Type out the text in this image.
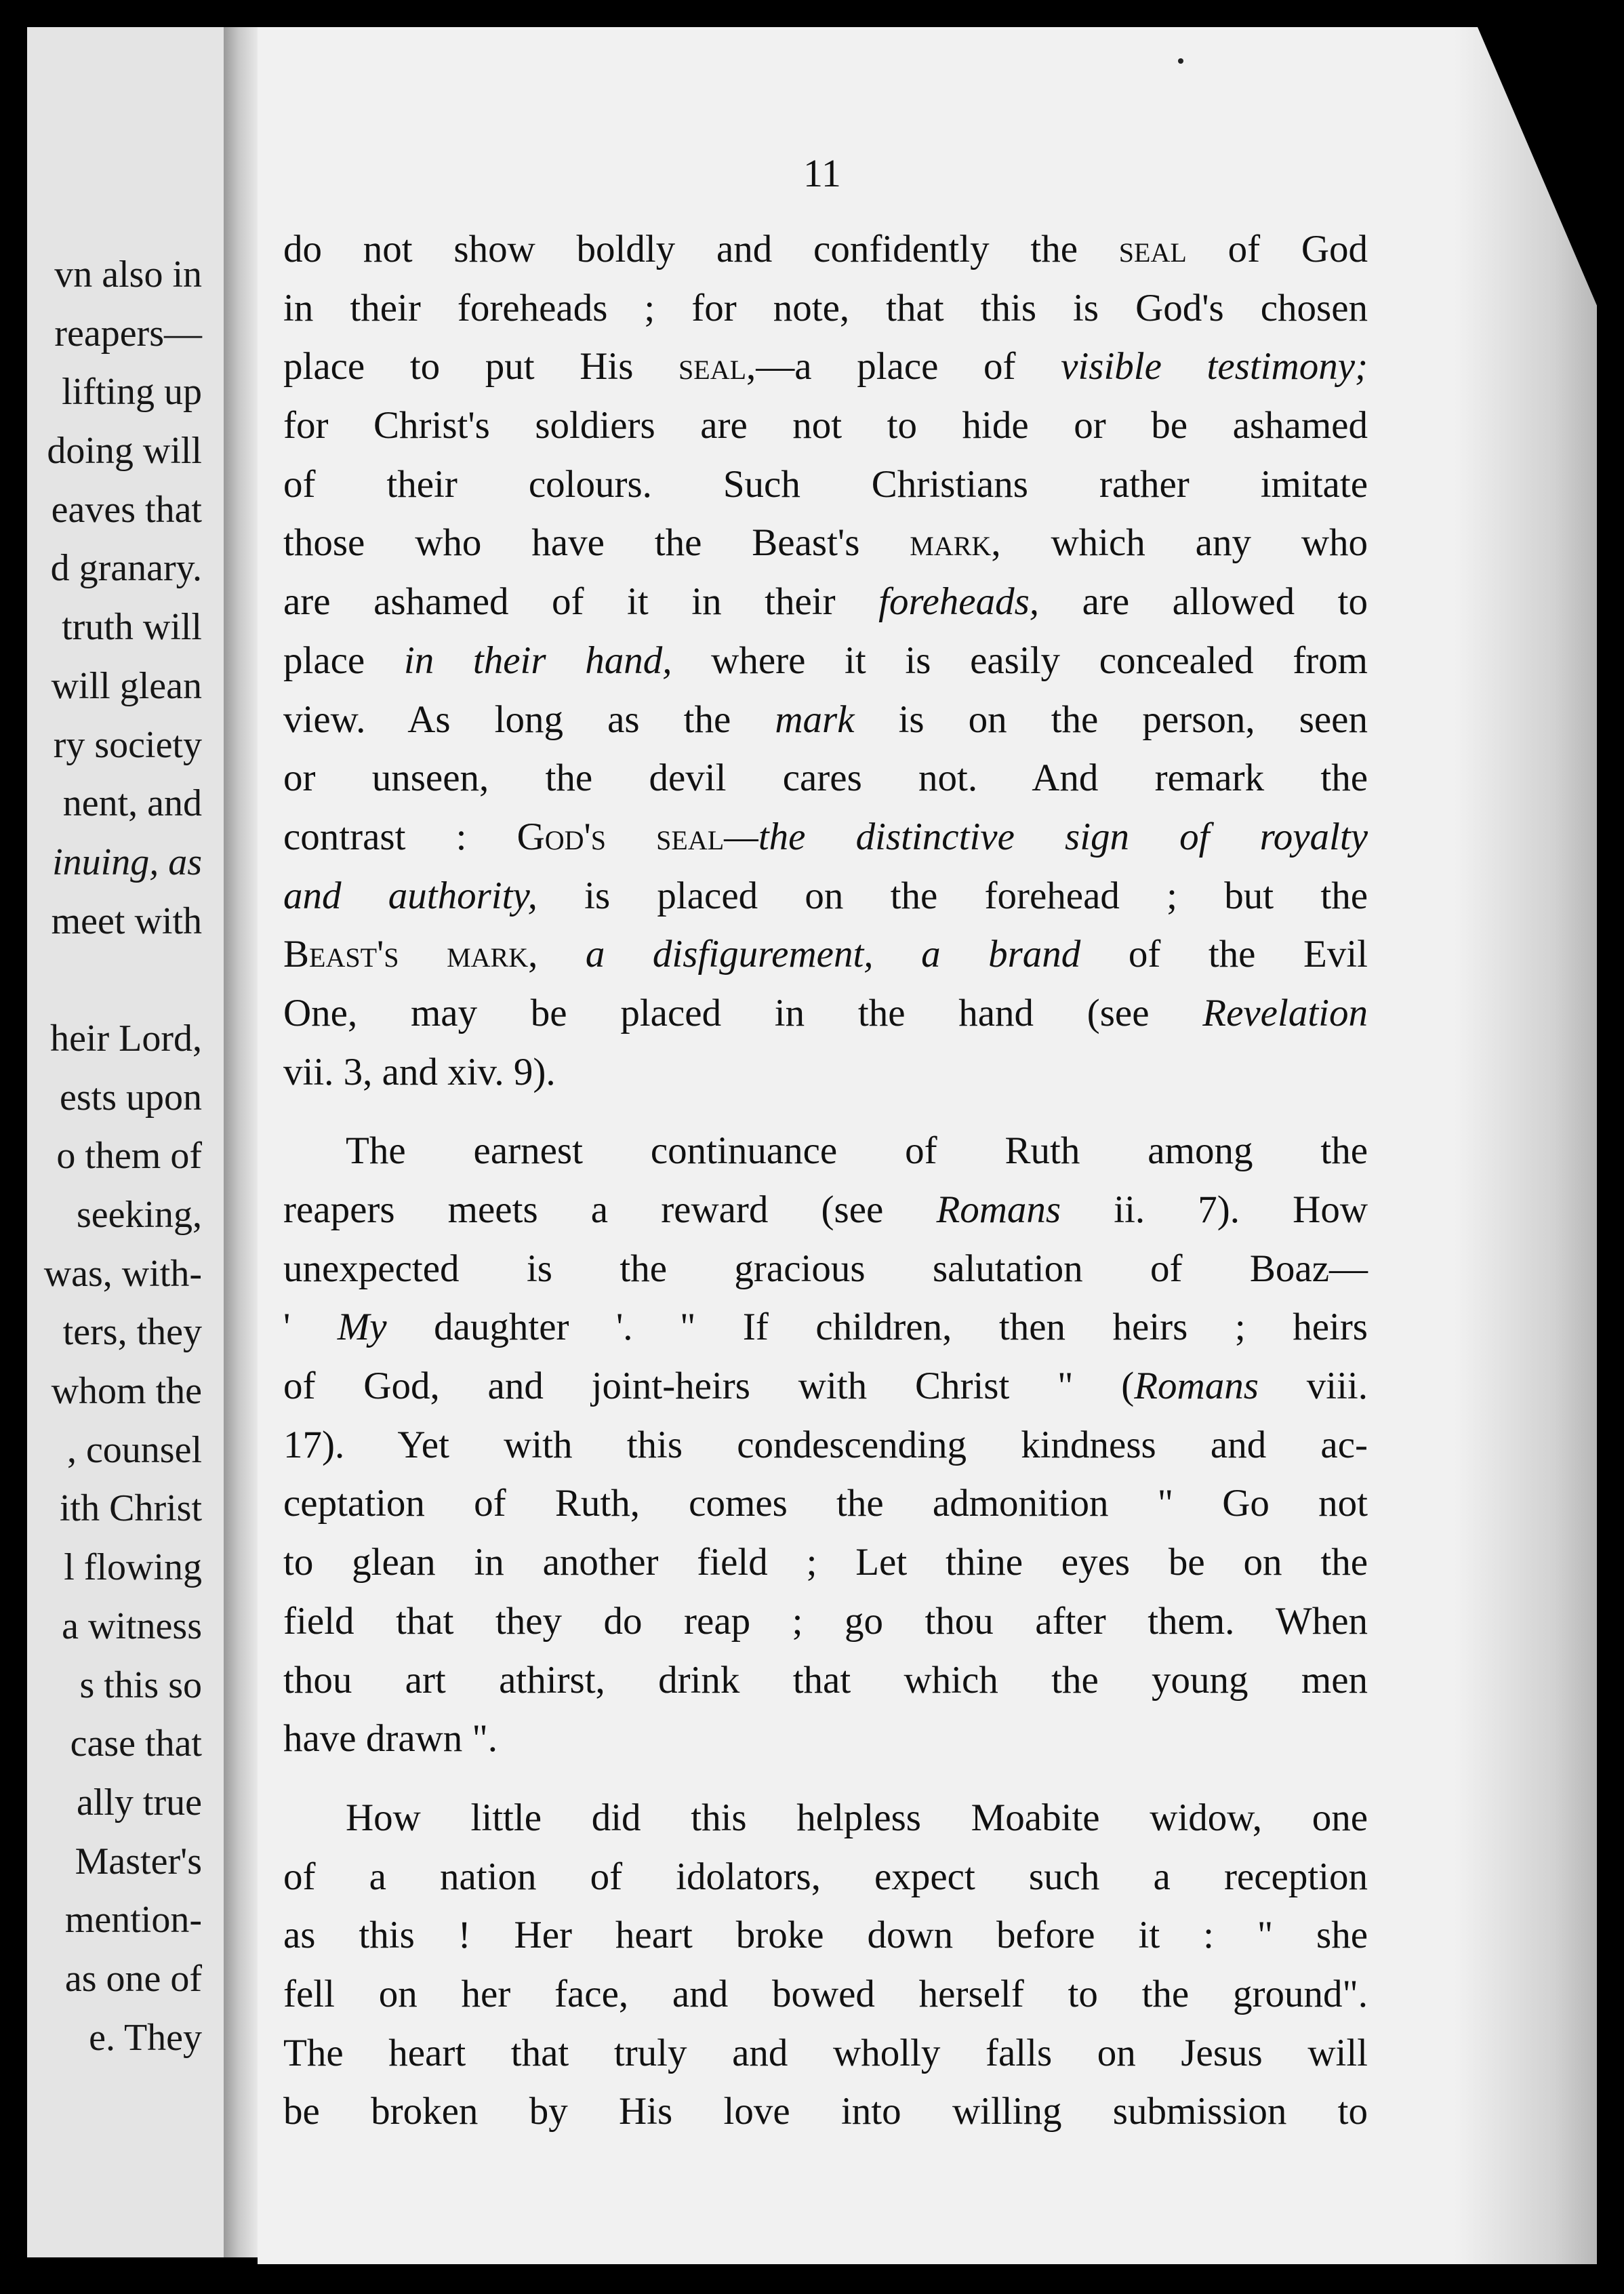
vn also in
reapers—
lifting up
doing will
eaves that
d granary.
truth will
will glean
ry society
nent, and
inuing, as
meet with
heir Lord,
ests upon
o them of
seeking,
was, with-
ters, they
whom the
, counsel
ith Christ
l flowing
a witness
s this so
case that
ally true
Master's
mention-
as one of
e. They
11
do not show boldly and confidently the seal of God
in their foreheads ; for note, that this is God's chosen
place to put His seal,—a place of visible testimony;
for Christ's soldiers are not to hide or be ashamed
of their colours. Such Christians rather imitate
those who have the Beast's mark, which any who
are ashamed of it in their foreheads, are allowed to
place in their hand, where it is easily concealed from
view. As long as the mark is on the person, seen
or unseen, the devil cares not. And remark the
contrast : God's seal—the distinctive sign of royalty
and authority, is placed on the forehead ; but the
Beast's mark, a disfigurement, a brand of the Evil
One, may be placed in the hand (see Revelation
vii. 3, and xiv. 9).
The earnest continuance of Ruth among the
reapers meets a reward (see Romans ii. 7). How
unexpected is the gracious salutation of Boaz—
' My daughter '. " If children, then heirs ; heirs
of God, and joint-heirs with Christ " (Romans viii.
17). Yet with this condescending kindness and ac-
ceptation of Ruth, comes the admonition " Go not
to glean in another field ; Let thine eyes be on the
field that they do reap ; go thou after them. When
thou art athirst, drink that which the young men
have drawn ".
How little did this helpless Moabite widow, one
of a nation of idolators, expect such a reception
as this ! Her heart broke down before it : " she
fell on her face, and bowed herself to the ground".
The heart that truly and wholly falls on Jesus will
be broken by His love into willing submission to
